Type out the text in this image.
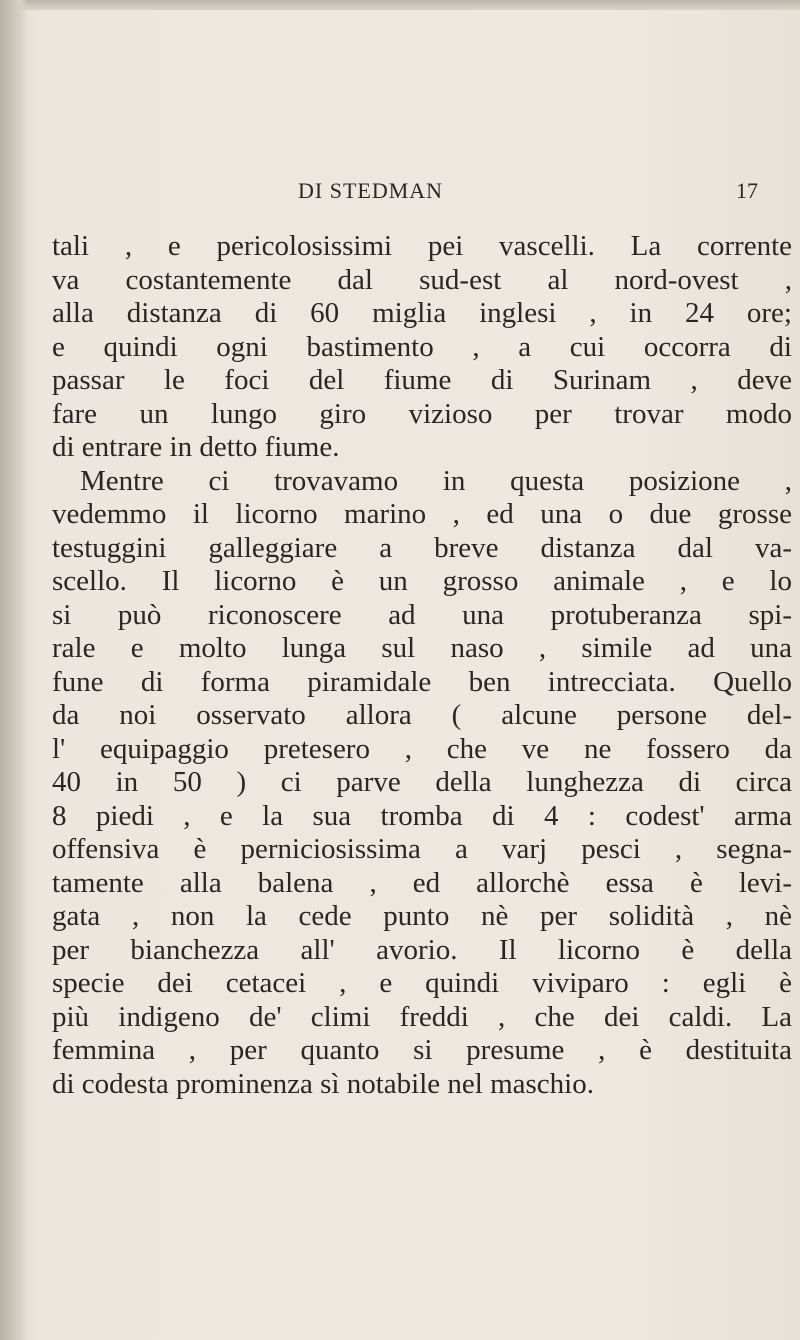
DI STEDMAN	17
tali , e pericolosissimi pei vascelli. La corrente
va costantemente dal sud-est al nord-ovest ,
alla distanza di 60 miglia inglesi , in 24 ore;
e quindi ogni bastimento , a cui occorra di
passar le foci del fiume di Surinam , deve
fare un lungo giro vizioso per trovar modo
di entrare in detto fiume.
Mentre ci trovavamo in questa posizione ,
vedemmo il licorno marino , ed una o due grosse
testuggini galleggiare a breve distanza dal va-
scello. Il licorno è un grosso animale , e lo
si può riconoscere ad una protuberanza spi-
rale e molto lunga sul naso , simile ad una
fune di forma piramidale ben intrecciata. Quello
da noi osservato allora ( alcune persone del-
l' equipaggio pretesero , che ve ne fossero da
40 in 50 ) ci parve della lunghezza di circa
8 piedi , e la sua tromba di 4 : codest' arma
offensiva è perniciosissima a varj pesci , segna-
tamente alla balena , ed allorchè essa è levi-
gata , non la cede punto nè per solidità , nè
per bianchezza all' avorio. Il licorno è della
specie dei cetacei , e quindi viviparo : egli è
più indigeno de' climi freddi , che dei caldi. La
femmina , per quanto si presume , è destituita
di codesta prominenza sì notabile nel maschio.
